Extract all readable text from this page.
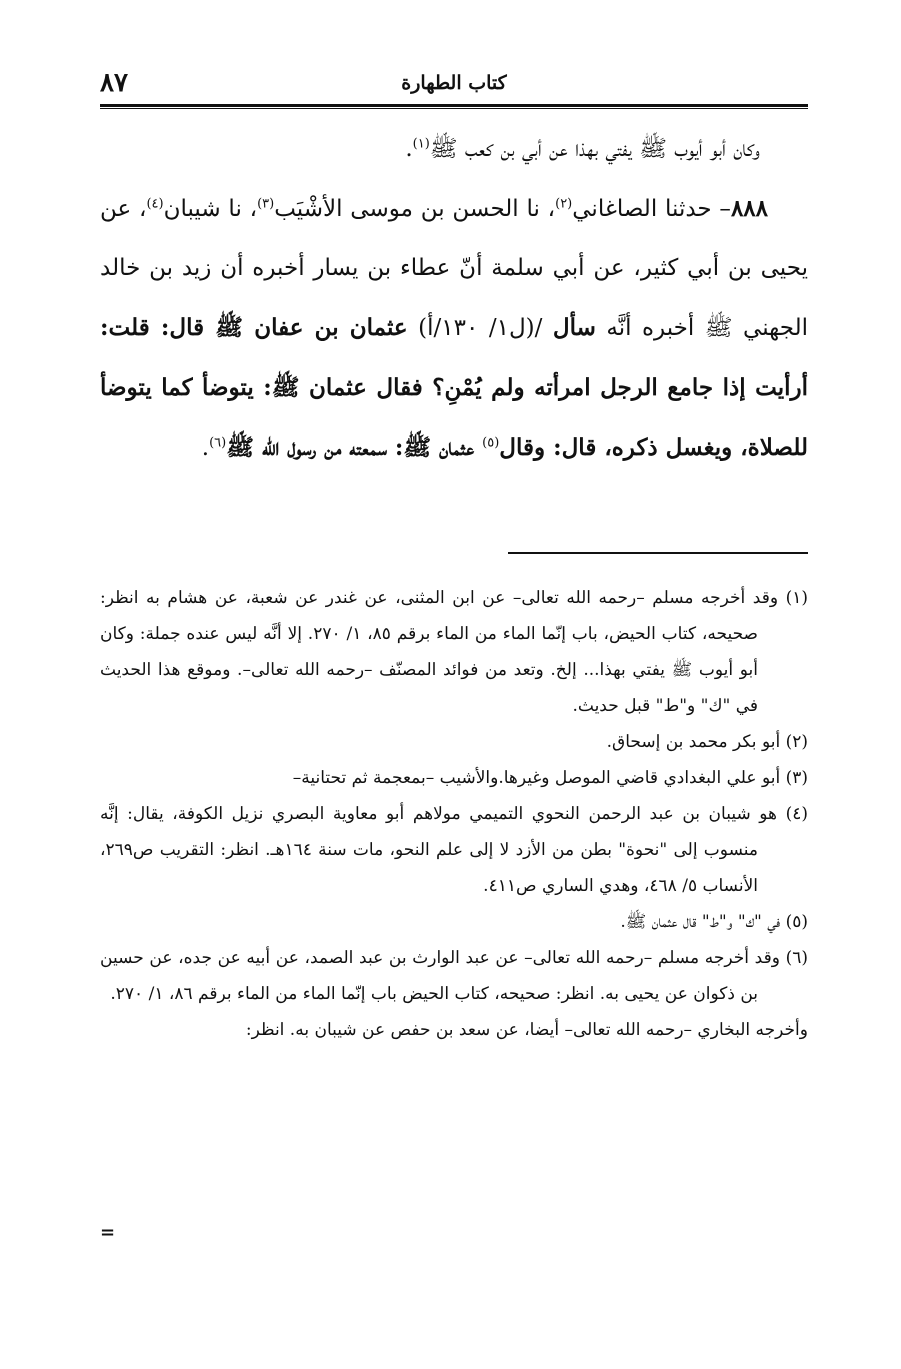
٨٧	كتاب الطهارة

وكان أبو أيوب ﷺ يفتي بهذا عن أبي بن كعب ﷺ$^{(١)}$.

٨٨٨– حدثنا الصاغاني$^{(٢)}$، نا الحسن بن موسى الأشْيَب$^{(٣)}$، نا شيبان$^{(٤)}$، عن يحيى بن أبي كثير، عن أبي سلمة أنّ عطاء بن يسار أخبره أن زيد بن خالد الجهني ﷺ أخبره أنَّه سأل /(ل١/ ١٣٠/أ) عثمان بن عفان ﷺ قال: قلت: أرأيت إذا جامع الرجل امرأته ولم يُمْنِ؟ فقال عثمان ﷺ: يتوضأ كما يتوضأ للصلاة، ويغسل ذكره، قال: وقال$^{(٥)}$ عثمان ﷺ: سمعته من رسول الله ﷺ$^{(٦)}$.

(١) وقد أخرجه مسلم –رحمه الله تعالى– عن ابن المثنى، عن غندر عن شعبة، عن هشام به انظر: صحيحه، كتاب الحيض، باب إنّما الماء من الماء برقم ٨٥، ١/ ٢٧٠. إلا أنَّه ليس عنده جملة: وكان أبو أيوب ﷺ يفتي بهذا... إلخ. وتعد من فوائد المصنّف –رحمه الله تعالى–. وموقع هذا الحديث في "ك" و"ط" قبل حديث.

(٢) أبو بكر محمد بن إسحاق.

(٣) أبو علي البغدادي قاضي الموصل وغيرها.والأشيب –بمعجمة ثم تحتانية–

(٤) هو شيبان بن عبد الرحمن النحوي التميمي مولاهم أبو معاوية البصري نزيل الكوفة، يقال: إنَّه منسوب إلى "نحوة" بطن من الأزد لا إلى علم النحو، مات سنة ١٦٤هـ. انظر: التقريب ص٢٦٩، الأنساب ٥/ ٤٦٨، وهدي الساري ص٤١١.

(٥) في "ك" و"ط" قال عثمان ﷺ.

(٦) وقد أخرجه مسلم –رحمه الله تعالى– عن عبد الوارث بن عبد الصمد، عن أبيه عن جده، عن حسين بن ذكوان عن يحيى به. انظر: صحيحه، كتاب الحيض باب إنّما الماء من الماء برقم ٨٦، ١/ ٢٧٠.

وأخرجه البخاري –رحمه الله تعالى– أيضا، عن سعد بن حفص عن شيبان به. انظر:

=
